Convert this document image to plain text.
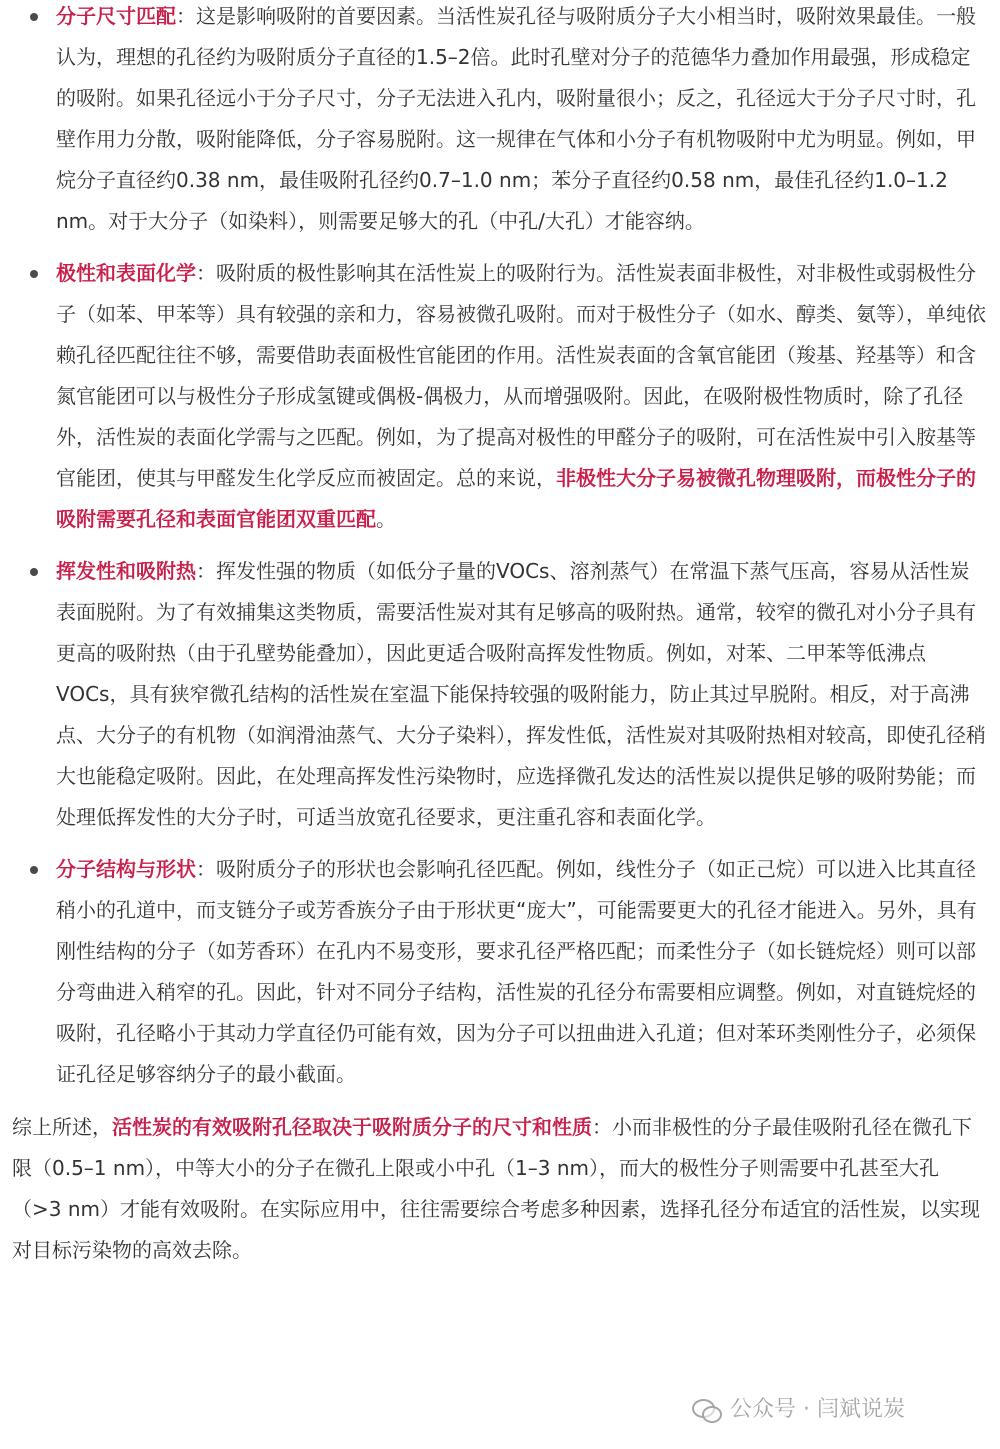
分子尺寸匹配：这是影响吸附的首要因素。当活性炭孔径与吸附质分子大小相当时，吸附效果最佳。一般认为，理想的孔径约为吸附质分子直径的1.5–2倍。此时孔壁对分子的范德华力叠加作用最强，形成稳定的吸附。如果孔径远小于分子尺寸，分子无法进入孔内，吸附量很小；反之，孔径远大于分子尺寸时，孔壁作用力分散，吸附能降低，分子容易脱附。这一规律在气体和小分子有机物吸附中尤为明显。例如，甲烷分子直径约0.38 nm，最佳吸附孔径约0.7–1.0 nm；苯分子直径约0.58 nm，最佳孔径约1.0–1.2 nm。对于大分子（如染料），则需要足够大的孔（中孔/大孔）才能容纳。
极性和表面化学：吸附质的极性影响其在活性炭上的吸附行为。活性炭表面非极性，对非极性或弱极性分子（如苯、甲苯等）具有较强的亲和力，容易被微孔吸附。而对于极性分子（如水、醇类、氨等），单纯依赖孔径匹配往往不够，需要借助表面极性官能团的作用。活性炭表面的含氧官能团（羧基、羟基等）和含氮官能团可以与极性分子形成氢键或偶极-偶极力，从而增强吸附。因此，在吸附极性物质时，除了孔径外，活性炭的表面化学需与之匹配。例如，为了提高对极性的甲醛分子的吸附，可在活性炭中引入胺基等官能团，使其与甲醛发生化学反应而被固定。总的来说，非极性大分子易被微孔物理吸附，而极性分子的吸附需要孔径和表面官能团双重匹配。
挥发性和吸附热：挥发性强的物质（如低分子量的VOCs、溶剂蒸气）在常温下蒸气压高，容易从活性炭表面脱附。为了有效捕集这类物质，需要活性炭对其有足够高的吸附热。通常，较窄的微孔对小分子具有更高的吸附热（由于孔壁势能叠加），因此更适合吸附高挥发性物质。例如，对苯、二甲苯等低沸点VOCs，具有狭窄微孔结构的活性炭在室温下能保持较强的吸附能力，防止其过早脱附。相反，对于高沸点、大分子的有机物（如润滑油蒸气、大分子染料），挥发性低，活性炭对其吸附热相对较高，即使孔径稍大也能稳定吸附。因此，在处理高挥发性污染物时，应选择微孔发达的活性炭以提供足够的吸附势能；而处理低挥发性的大分子时，可适当放宽孔径要求，更注重孔容和表面化学。
分子结构与形状：吸附质分子的形状也会影响孔径匹配。例如，线性分子（如正己烷）可以进入比其直径稍小的孔道中，而支链分子或芳香族分子由于形状更“庞大”，可能需要更大的孔径才能进入。另外，具有刚性结构的分子（如芳香环）在孔内不易变形，要求孔径严格匹配；而柔性分子（如长链烷烃）则可以部分弯曲进入稍窄的孔。因此，针对不同分子结构，活性炭的孔径分布需要相应调整。例如，对直链烷烃的吸附，孔径略小于其动力学直径仍可能有效，因为分子可以扭曲进入孔道；但对苯环类刚性分子，必须保证孔径足够容纳分子的最小截面。

综上所述，活性炭的有效吸附孔径取决于吸附质分子的尺寸和性质：小而非极性的分子最佳吸附孔径在微孔下限（0.5–1 nm），中等大小的分子在微孔上限或小中孔（1–3 nm），而大的极性分子则需要中孔甚至大孔（>3 nm）才能有效吸附。在实际应用中，往往需要综合考虑多种因素，选择孔径分布适宜的活性炭，以实现对目标污染物的高效去除。

公众号 · 闫斌说炭
